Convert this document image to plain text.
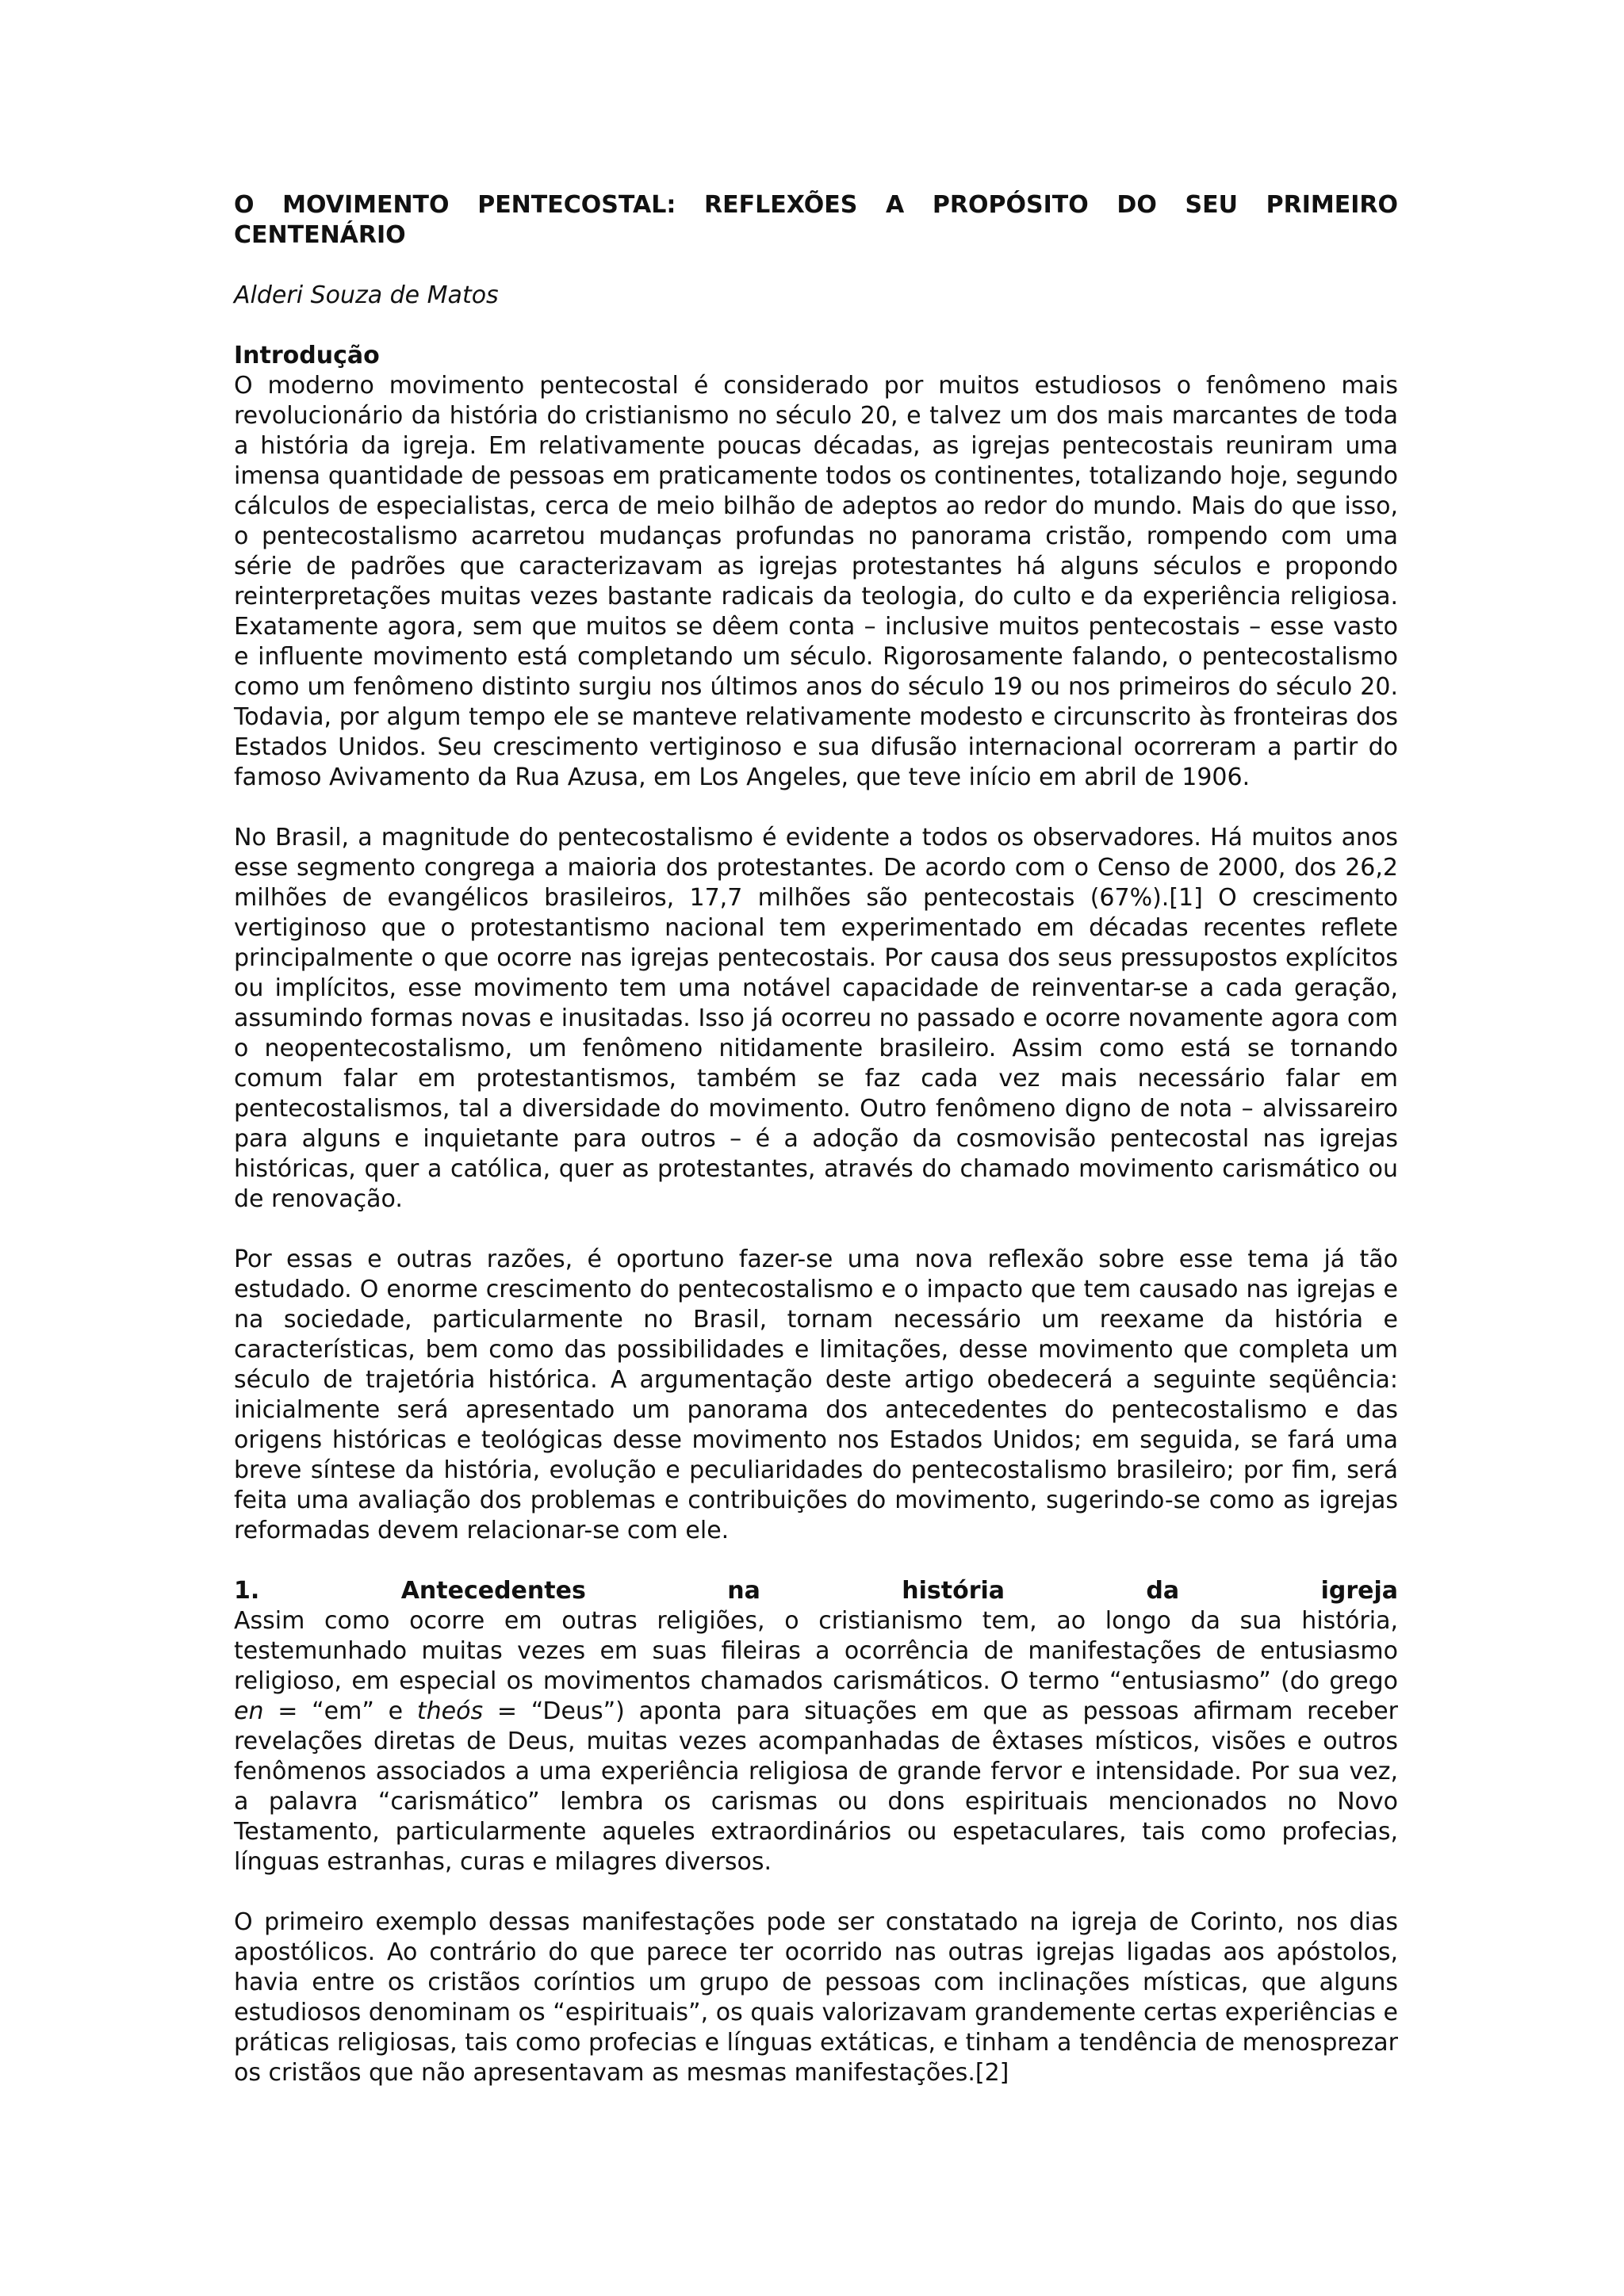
O MOVIMENTO PENTECOSTAL: REFLEXÕES A PROPÓSITO DO SEU PRIMEIRO CENTENÁRIO
Alderi Souza de Matos
Introdução

O moderno movimento pentecostal é considerado por muitos estudiosos o fenômeno mais revolucionário da história do cristianismo no século 20, e talvez um dos mais marcantes de toda a história da igreja. Em relativamente poucas décadas, as igrejas pentecostais reuniram uma imensa quantidade de pessoas em praticamente todos os continentes, totalizando hoje, segundo cálculos de especialistas, cerca de meio bilhão de adeptos ao redor do mundo. Mais do que isso, o pentecostalismo acarretou mudanças profundas no panorama cristão, rompendo com uma série de padrões que caracterizavam as igrejas protestantes há alguns séculos e propondo reinterpretações muitas vezes bastante radicais da teologia, do culto e da experiência religiosa. Exatamente agora, sem que muitos se dêem conta – inclusive muitos pentecostais – esse vasto e influente movimento está completando um século. Rigorosamente falando, o pentecostalismo como um fenômeno distinto surgiu nos últimos anos do século 19 ou nos primeiros do século 20. Todavia, por algum tempo ele se manteve relativamente modesto e circunscrito às fronteiras dos Estados Unidos. Seu crescimento vertiginoso e sua difusão internacional ocorreram a partir do famoso Avivamento da Rua Azusa, em Los Angeles, que teve início em abril de 1906.

No Brasil, a magnitude do pentecostalismo é evidente a todos os observadores. Há muitos anos esse segmento congrega a maioria dos protestantes. De acordo com o Censo de 2000, dos 26,2 milhões de evangélicos brasileiros, 17,7 milhões são pentecostais (67%).[1] O crescimento vertiginoso que o protestantismo nacional tem experimentado em décadas recentes reflete principalmente o que ocorre nas igrejas pentecostais. Por causa dos seus pressupostos explícitos ou implícitos, esse movimento tem uma notável capacidade de reinventar-se a cada geração, assumindo formas novas e inusitadas. Isso já ocorreu no passado e ocorre novamente agora com o neopentecostalismo, um fenômeno nitidamente brasileiro. Assim como está se tornando comum falar em protestantismos, também se faz cada vez mais necessário falar em pentecostalismos, tal a diversidade do movimento. Outro fenômeno digno de nota – alvissareiro para alguns e inquietante para outros – é a adoção da cosmovisão pentecostal nas igrejas históricas, quer a católica, quer as protestantes, através do chamado movimento carismático ou de renovação.

Por essas e outras razões, é oportuno fazer-se uma nova reflexão sobre esse tema já tão estudado. O enorme crescimento do pentecostalismo e o impacto que tem causado nas igrejas e na sociedade, particularmente no Brasil, tornam necessário um reexame da história e características, bem como das possibilidades e limitações, desse movimento que completa um século de trajetória histórica. A argumentação deste artigo obedecerá a seguinte seqüência: inicialmente será apresentado um panorama dos antecedentes do pentecostalismo e das origens históricas e teológicas desse movimento nos Estados Unidos; em seguida, se fará uma breve síntese da história, evolução e peculiaridades do pentecostalismo brasileiro; por fim, será feita uma avaliação dos problemas e contribuições do movimento, sugerindo-se como as igrejas reformadas devem relacionar-se com ele.

1.          Antecedentes          na          história          da          igreja

Assim como ocorre em outras religiões, o cristianismo tem, ao longo da sua história, testemunhado muitas vezes em suas fileiras a ocorrência de manifestações de entusiasmo religioso, em especial os movimentos chamados carismáticos. O termo “entusiasmo” (do grego en = “em” e theós = “Deus”) aponta para situações em que as pessoas afirmam receber revelações diretas de Deus, muitas vezes acompanhadas de êxtases místicos, visões e outros fenômenos associados a uma experiência religiosa de grande fervor e intensidade. Por sua vez, a palavra “carismático” lembra os carismas ou dons espirituais mencionados no Novo Testamento, particularmente aqueles extraordinários ou espetaculares, tais como profecias, línguas estranhas, curas e milagres diversos.

O primeiro exemplo dessas manifestações pode ser constatado na igreja de Corinto, nos dias apostólicos. Ao contrário do que parece ter ocorrido nas outras igrejas ligadas aos apóstolos, havia entre os cristãos coríntios um grupo de pessoas com inclinações místicas, que alguns estudiosos denominam os “espirituais”, os quais valorizavam grandemente certas experiências e práticas religiosas, tais como profecias e línguas extáticas, e tinham a tendência de menosprezar os cristãos que não apresentavam as mesmas manifestações.[2]
